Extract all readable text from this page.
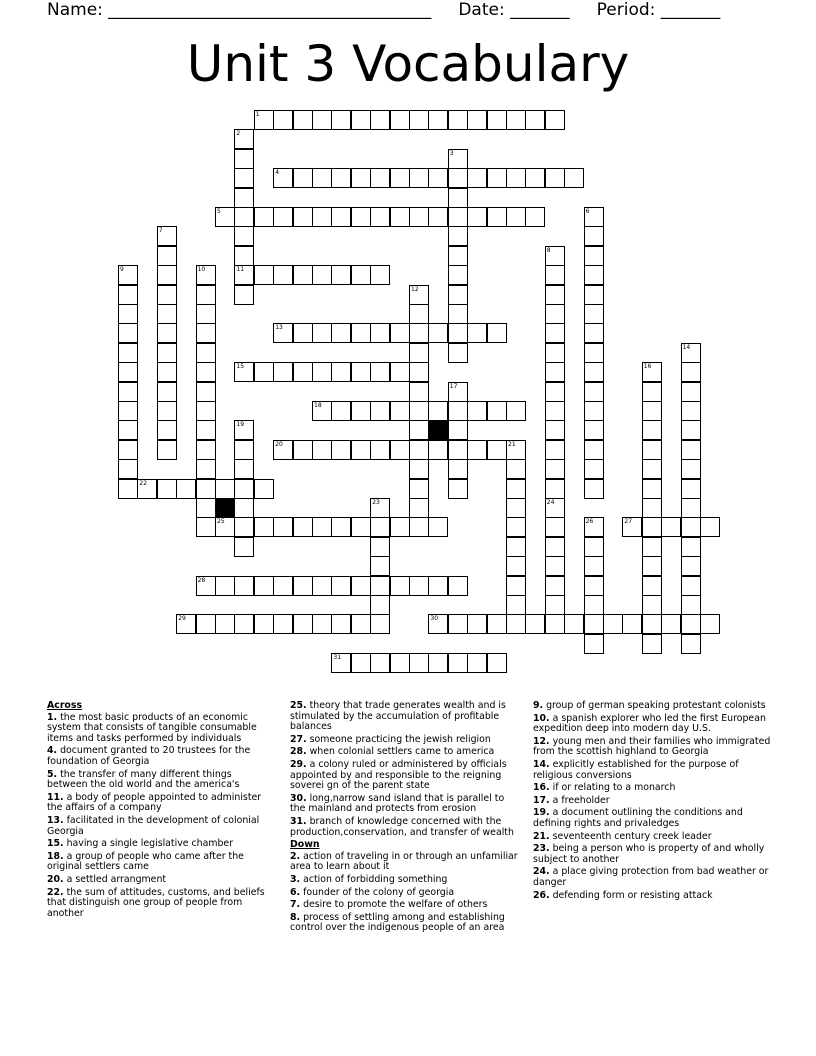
Name: ______________________________________ Date: _______ Period: _______
Unit 3 Vocabulary
1
2
11
3
4
5	6
7
8
9	10
12
13
14
15	16
17
18
19
20	21
22
23	24
25	26	27
28
29	30
31
Across
1. the most basic products of an economic system that consists of tangible consumable items and tasks performed by individuals
4. document granted to 20 trustees for the foundation of Georgia
5. the transfer of many different things between the old world and the america's
11. a body of people appointed to administer the affairs of a company
13. facilitated in the development of colonial Georgia
15. having a single legislative chamber
18. a group of people who came after the original settlers came
20. a settled arrangment
22. the sum of attitudes, customs, and beliefs that distinguish one group of people from another
25. theory that trade generates wealth and is stimulated by the accumulation of profitable balances
27. someone practicing the jewish religion
28. when colonial settlers came to america
29. a colony ruled or administered by officials appointed by and responsible to the reigning soverei gn of the parent state
30. long,narrow sand island that is parallel to the mainland and protects from erosion
31. branch of knowledge concerned with the production,conservation, and transfer of wealth
Down
2. action of traveling in or through an unfamiliar area to learn about it
3. action of forbidding something
6. founder of the colony of georgia
7. desire to promote the welfare of others
8. process of settling among and establishing control over the indigenous people of an area
9. group of german speaking protestant colonists
10. a spanish explorer who led the first European expedition deep into modern day U.S.
12. young men and their families who immigrated from the scottish highland to Georgia
14. explicitly established for the purpose of religious conversions
16. if or relating to a monarch
17. a freeholder
19. a document outlining the conditions and defining rights and privaledges
21. seventeenth century creek leader
23. being a person who is property of and wholly subject to another
24. a place giving protection from bad weather or danger
26. defending form or resisting attack
